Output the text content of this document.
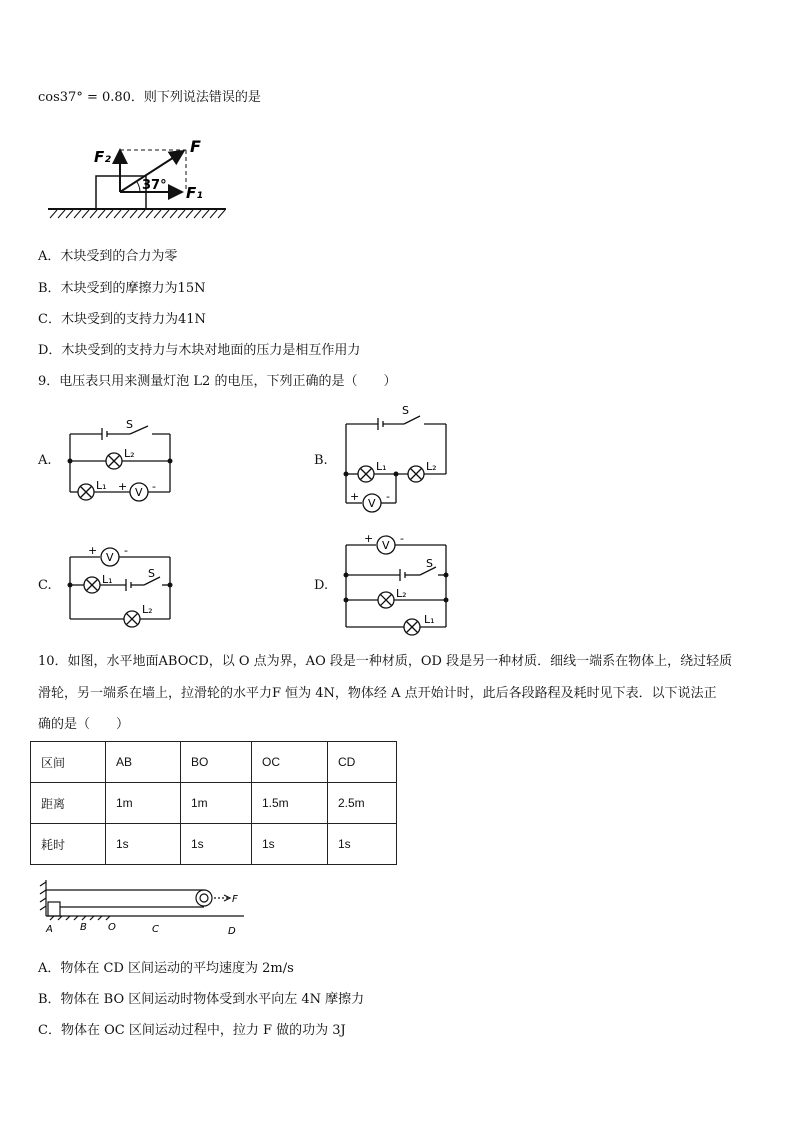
cos37° = 0.80．则下列说法错误的是
F₂
F
F₁
37°
A．木块受到的合力为零
B．木块受到的摩擦力为15N
C．木块受到的支持力为41N
D．木块受到的支持力与木块对地面的压力是相互作用力
9．电压表只用来测量灯泡 L2 的电压，下列正确的是（　　）
A.
S
L₂
L₁ + V -
B.
S
L₁	L₂
+
V
-
C.
+
V
-
L₁	S
L₂
D.
+
V
-
S
L₂
L₁
10．如图，水平地面ABOCD，以 O 点为界，AO 段是一种材质，OD 段是另一种材质．细线一端系在物体上，绕过轻质
滑轮，另一端系在墙上，拉滑轮的水平力F 恒为 4N，物体经 A 点开始计时，此后各段路程及耗时见下表．以下说法正
确的是（　　）
区间	AB	BO	OC	CD
距离	1m	1m	1.5m	2.5m
耗时	1s	1s	1s	1s
F
A	B O	C	D
A．物体在 CD 区间运动的平均速度为 2m/s
B．物体在 BO 区间运动时物体受到水平向左 4N 摩擦力
C．物体在 OC 区间运动过程中，拉力 F 做的功为 3J
